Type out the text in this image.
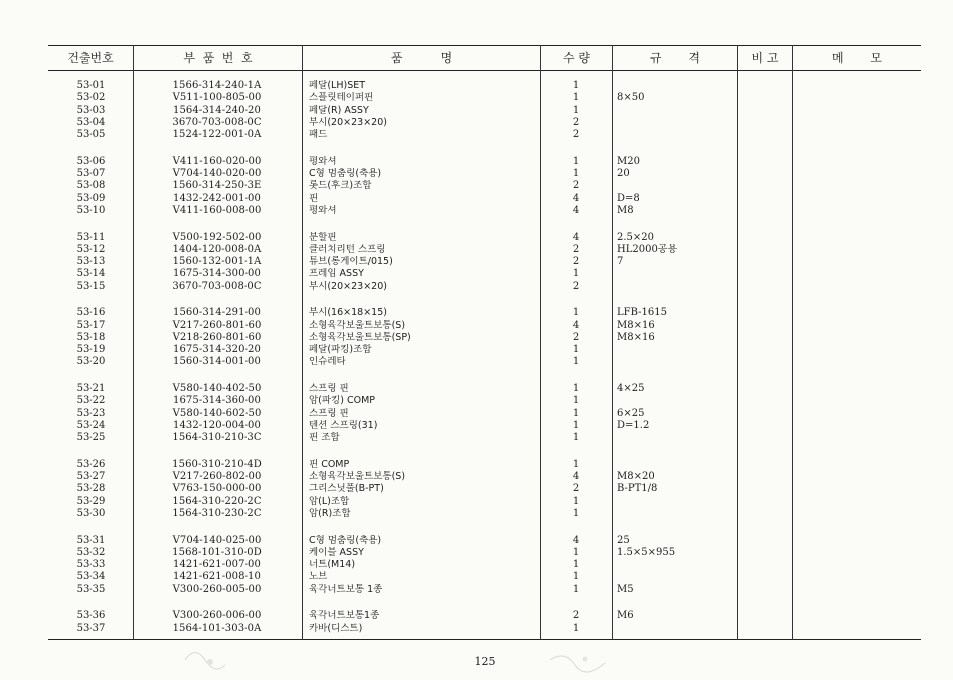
건출번호	부  품  번  호	품          명	수 량	규       격	비 고	메       모
53-01	1566-314-240-1A	페달(LH)SET	1
53-02	V511-100-805-00	스플릿테이퍼핀	1	8×50
53-03	1564-314-240-20	페달(R) ASSY	1
53-04	3670-703-008-0C	부시(20×23×20)	2
53-05	1524-122-001-0A	패드	2
53-06	V411-160-020-00	평와셔	1	M20
53-07	V704-140-020-00	C형 멈춤링(축용)	1	20
53-08	1560-314-250-3E	롯드(후크)조합	2
53-09	1432-242-001-00	핀	4	D=8
53-10	V411-160-008-00	평와셔	4	M8
53-11	V500-192-502-00	분할핀	4	2.5×20
53-12	1404-120-008-0A	클러치리턴 스프링	2	HL2000공용
53-13	1560-132-001-1A	튜브(롱게이트/015)	2	7
53-14	1675-314-300-00	프레임 ASSY	1
53-15	3670-703-008-0C	부시(20×23×20)	2
53-16	1560-314-291-00	부시(16×18×15)	1	LFB-1615
53-17	V217-260-801-60	소형육각보울트보통(S)	4	M8×16
53-18	V218-260-801-60	소형육각보울트보통(SP)	2	M8×16
53-19	1675-314-320-20	페달(파킹)조합	1
53-20	1560-314-001-00	인슈레타	1
53-21	V580-140-402-50	스프링 핀	1	4×25
53-22	1675-314-360-00	암(파킹) COMP	1
53-23	V580-140-602-50	스프링 핀	1	6×25
53-24	1432-120-004-00	텐션 스프링(31)	1	D=1.2
53-25	1564-310-210-3C	핀 조합	1
53-26	1560-310-210-4D	핀 COMP	1
53-27	V217-260-802-00	소형육각보울트보통(S)	4	M8×20
53-28	V763-150-000-00	그리스닛풀(B-PT)	2	B-PT1/8
53-29	1564-310-220-2C	암(L)조합	1
53-30	1564-310-230-2C	암(R)조합	1
53-31	V704-140-025-00	C형 멈춤링(축용)	4	25
53-32	1568-101-310-0D	케이블 ASSY	1	1.5×5×955
53-33	1421-621-007-00	너트(M14)	1
53-34	1421-621-008-10	노브	1
53-35	V300-260-005-00	육각너트보통 1종	1	M5
53-36	V300-260-006-00	육각너트보통1종	2	M6
53-37	1564-101-303-0A	카바(디스트)	1
125
